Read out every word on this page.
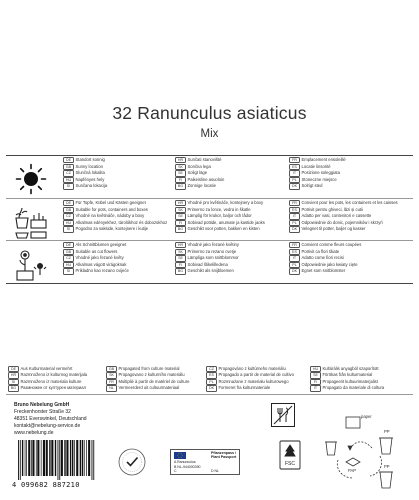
32 Ranunculus asiaticus
Mix
DE Standort sonnig
GB Sunny location
CZ Slunčná lokalita
HU Napfényes hely
SI Sunčana lokacija
HR Sunčati stanovišté
SK Sončna lega
SE Soligt läge
FI Paikeisline asuoloin
BG Zonnige locatie
FR Emplacement ensoleillé
ES Locatie linsorité
IT Posizione soleggiata
PL Stoneczne miejsce
DK Solrigt sted
DE Für Topfe, Kübel und Kästen geeignet
GB Suitable for pots, containers and boxes
CZ Vhodné na květináče, nádoby a boxy
HU Alkalmas edényekhez, tárolókhoz és dobozokhoz
SI Pogodno za sakside, kontejnere i kutije
HR Vhodné pro květináče, kontejnery a boxy
SK Primerno za lonce, vedra in škatle
SE Lämplig för krukor, baljor och lådor
FI Sobivad pottide, anumate ja kastide jaoks
BG Geschikt voor potten, bakken en kisten
FR Convient pour les pots, les containers et les caisses
ES Potrivit pentru ghiveci, lăzi și cutii
IT Adatto per vasi, contenitori e cassette
PL Odpowiednie do donic, pojemników i skrzyń
DK Velegnet til potter, baljer og kasser
DE Als Schnittblumen geeignet
GB Suitable as cut flowers
CZ Vhodné jako řezané květy
HU Alkalmas vágott virágoknak
SI Prikladno kao rezano cvijeće
HR Vhodné jako řezané květiny
SK Primerno za rezano cvetje
SE Lämpliga som snittblommor
FI Sobivad lõikelilledena
BG Geschikt als snijbloemen
FR Convient comme fleurs coupées
ES Potrivit ca flori tăiate
IT Adatto come fiori recisi
PL Odpowiednie jako kwiaty cięte
DK Egnet som snitblomster
DE Aus Kulturmaterial vermehrt
HR Razmnoženo iz kulturnog materijala
SI Razmnoženo iz materiala kulture
BG Размножен от културен материал
GB Propagated from culture material
SK Propagovano z kulturního materiálu
FR Multiplié à partir de matériel de culture
NL Vermeerderd uit cultuurmateriaal
CZ Propagováno z kultúrneho materiálu
ES Propagado a partir de material de cultivo
PL Rozmnażane z materiału kulturowego
DK Formeret fra kulturmateriale
HU Kultúrális anyagból szaporított
SE Förökas från kulturmaterial
FI Propageerit kultuurimaterjalist
IT Propagato da materiale di coltura
Bruno Nebelung GmbH
Freckenhorster Straße 32
48351 Everswinkel, Deutschland
kontakt@nebelung-service.de
www.nebelung.de
4 099682 887210
Pflanzenpass / Plant Passport
A Ranunculus
B NL-944000390
C	D NL
FSC
paper
PP
PAP
PP
